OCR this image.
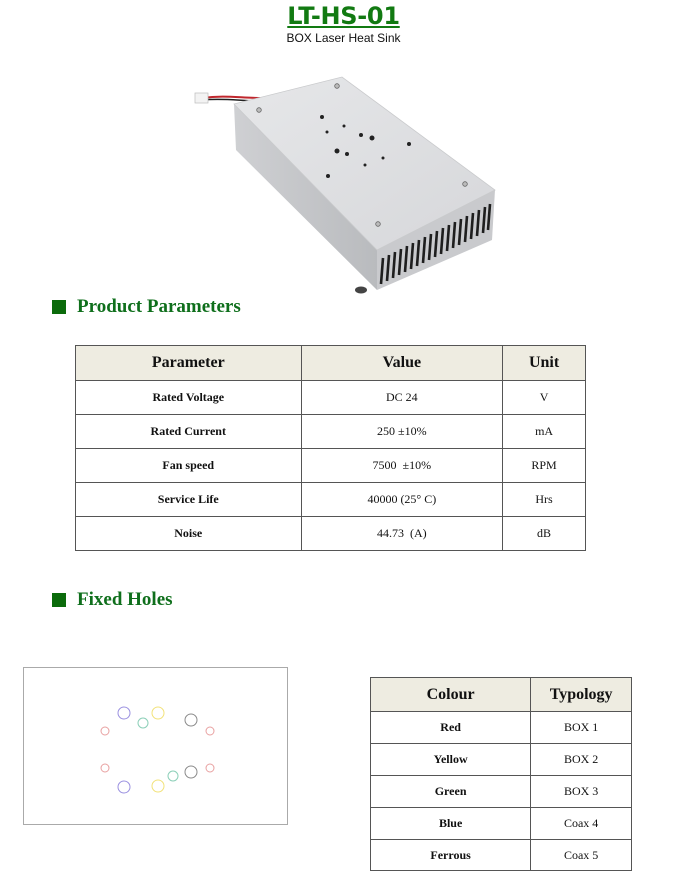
LT-HS-01
BOX Laser Heat Sink
Product Parameters
Parameter	Value	Unit
Rated Voltage	DC 24	V
Rated Current	250 ±10%	mA
Fan speed	7500  ±10%	RPM
Service Life	40000 (25° C)	Hrs
Noise	44.73  (A)	dB
Fixed Holes
Colour	Typology
Red	BOX 1
Yellow	BOX 2
Green	BOX 3
Blue	Coax 4
Ferrous	Coax 5
